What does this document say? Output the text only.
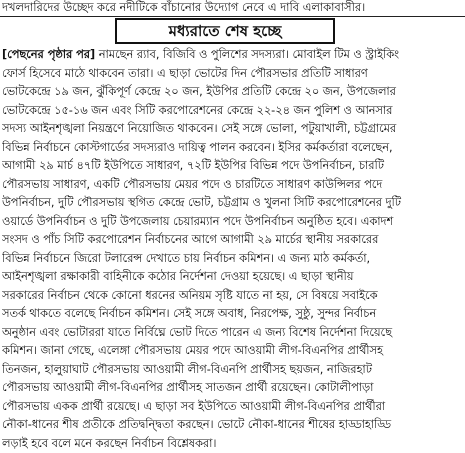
দখলদারিদের উচ্ছেদ করে নদীটিকে বাঁচানোর উদ্যোগ নেবে এ দাবি এলাকাবাসীর।
মধ্যরাতে শেষ হচ্ছে
[পেছনের পৃষ্ঠার পর] নামছেন র‍্যাব, বিজিবি ও পুলিশের সদস্যরা। মোবাইল টিম ও স্ট্রাইকিং
ফোর্স হিসেবে মাঠে থাকবেন তারা। এ ছাড়া ভোটের দিন পৌরসভার প্রতিটি সাধারণ
ভোটকেন্দ্রে ১৯ জন, ঝুঁকিপূর্ণ কেন্দ্রে ২০ জন, ইউপির প্রতিটি কেন্দ্রে ২০ জন, উপজেলার
ভোটকেন্দ্রে ১৫-১৬ জন এবং সিটি করপোরেশনের কেন্দ্রে ২২-২৪ জন পুলিশ ও আনসার
সদস্য আইনশৃঙ্খলা নিয়ন্ত্রণে নিয়োজিত থাকবেন। সেই সঙ্গে ভোলা, পটুয়াখালী, চট্টগ্রামের
বিভিন্ন নির্বাচনে কোস্টগার্ডের সদস্যরাও দায়িত্ব পালন করবেন। ইসির কর্মকর্তারা বলেছেন,
আগামী ২৯ মার্চ ৪৭টি ইউপিতে সাধারণ, ৭২টি ইউপির বিভিন্ন পদে উপনির্বাচন, চারটি
পৌরসভায় সাধারণ, একটি পৌরসভায় মেয়র পদে ও চারটিতে সাধারণ কাউন্সিলর পদে
উপনির্বাচন, দুটি পৌরসভায় স্থগিত কেন্দ্রে ভোট, চট্টগ্রাম ও খুলনা সিটি করপোরেশনের দুটি
ওয়ার্ডে উপনির্বাচন ও দুটি উপজেলায় চেয়ারম্যান পদে উপনির্বাচন অনুষ্ঠিত হবে। একাদশ
সংসদ ও পাঁচ সিটি করপোরেশন নির্বাচনের আগে আগামী ২৯ মার্চের স্থানীয় সরকারের
বিভিন্ন নির্বাচনে জিরো টলারেন্স দেখাতে চায় নির্বাচন কমিশন। এ জন্য মাঠ কর্মকর্তা,
আইনশৃঙ্খলা রক্ষাকারী বাহিনীকে কঠোর নির্দেশনা দেওয়া হয়েছে। এ ছাড়া স্থানীয়
সরকারের নির্বাচন থেকে কোনো ধরনের অনিয়ম সৃষ্টি যাতে না হয়, সে বিষয়ে সবাইকে
সতর্ক থাকতে বলেছে নির্বাচন কমিশন। সেই সঙ্গে অবাধ, নিরপেক্ষ, সুষ্ঠু, সুন্দর নির্বাচন
অনুষ্ঠান এবং ভোটাররা যাতে নির্বিঘ্নে ভোট দিতে পারেন এ জন্য বিশেষ নির্দেশনা দিয়েছে
কমিশন। জানা গেছে, এলেঙ্গা পৌরসভায় মেয়র পদে আওয়ামী লীগ-বিএনপির প্রার্থীসহ
তিনজন, হালুয়াঘাট পৌরসভায় আওয়ামী লীগ-বিএনপি প্রার্থীসহ ছয়জন, নাজিরহাট
পৌরসভায় আওয়ামী লীগ-বিএনপির প্রার্থীসহ সাতজন প্রার্থী রয়েছেন। কোটালীপাড়া
পৌরসভায় একক প্রার্থী রয়েছে। এ ছাড়া সব ইউপিতে আওয়ামী লীগ-বিএনপির প্রার্থীরা
নৌকা-ধানের শীষ প্রতীকে প্রতিদ্বন্দ্বিতা করছেন। ভোটে নৌকা-ধানের শীষের হাড্ডাহাড্ডি
লড়াই হবে বলে মনে করছেন নির্বাচন বিশ্লেষকরা।
